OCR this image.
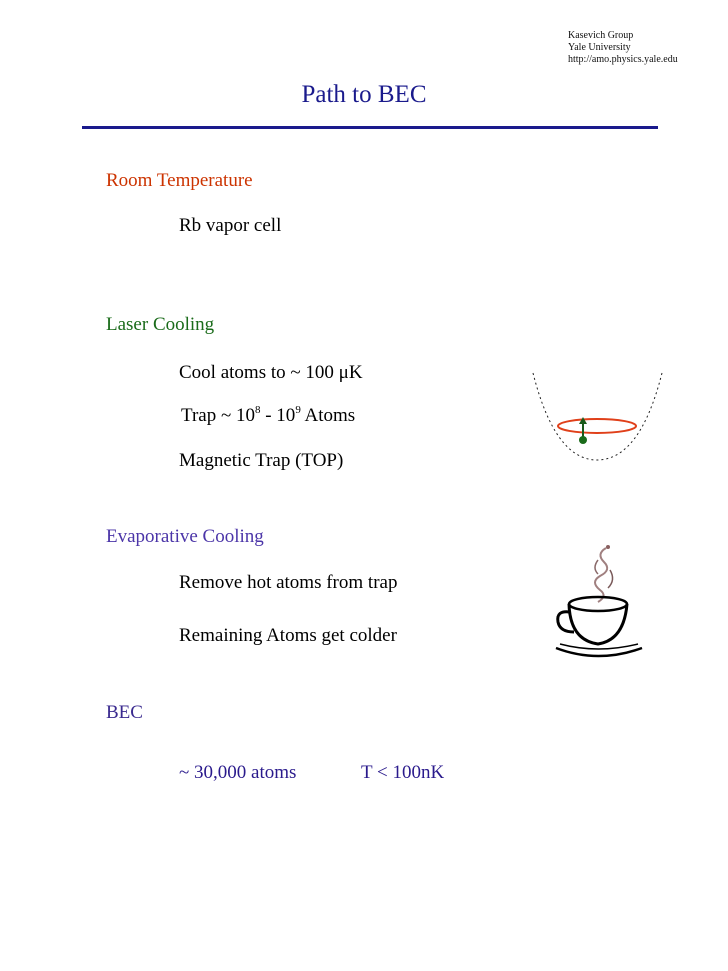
Kasevich Group
Yale University
http://amo.physics.yale.edu
Path to BEC
Room Temperature
Rb vapor cell
Laser Cooling
Cool atoms to ~ 100 μK
Trap ~ $10^8 - 10^9$ Atoms
Magnetic Trap (TOP)
Evaporative Cooling
Remove hot atoms from trap
Remaining Atoms get colder
BEC
~ 30,000 atoms	T < 100nK
